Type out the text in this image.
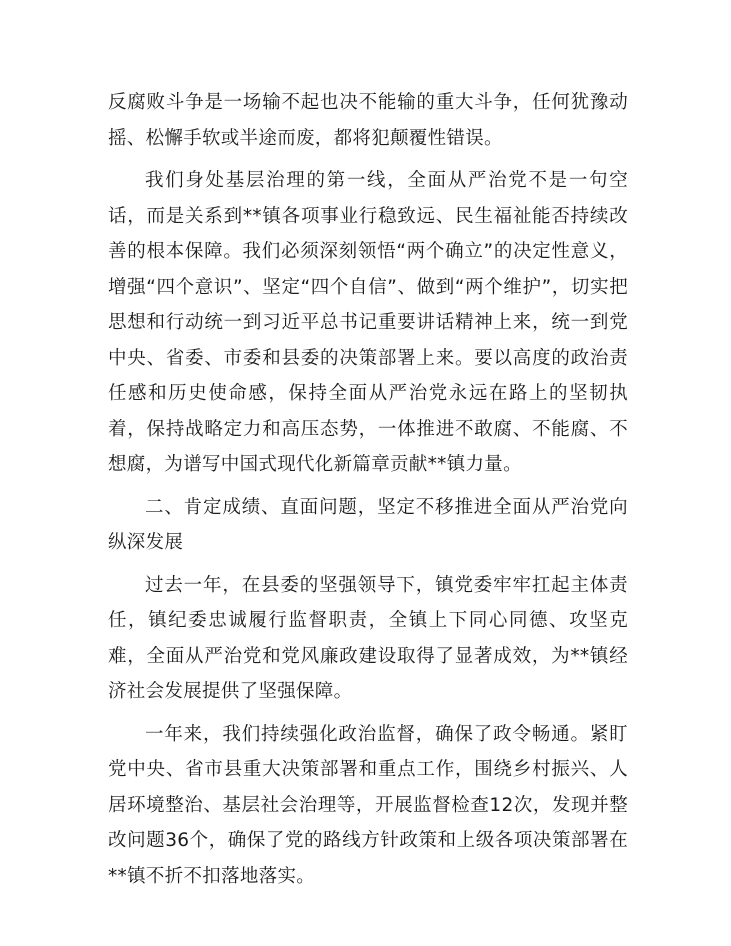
反腐败斗争是一场输不起也决不能输的重大斗争，任何犹豫动摇、松懈手软或半途而废，都将犯颠覆性错误。

我们身处基层治理的第一线，全面从严治党不是一句空话，而是关系到**镇各项事业行稳致远、民生福祉能否持续改善的根本保障。我们必须深刻领悟“两个确立”的决定性意义，增强“四个意识”、坚定“四个自信”、做到“两个维护”，切实把思想和行动统一到习近平总书记重要讲话精神上来，统一到党中央、省委、市委和县委的决策部署上来。要以高度的政治责任感和历史使命感，保持全面从严治党永远在路上的坚韧执着，保持战略定力和高压态势，一体推进不敢腐、不能腐、不想腐，为谱写中国式现代化新篇章贡献**镇力量。

二、肯定成绩、直面问题，坚定不移推进全面从严治党向纵深发展

过去一年，在县委的坚强领导下，镇党委牢牢扛起主体责任，镇纪委忠诚履行监督职责，全镇上下同心同德、攻坚克难，全面从严治党和党风廉政建设取得了显著成效，为**镇经济社会发展提供了坚强保障。

一年来，我们持续强化政治监督，确保了政令畅通。紧盯党中央、省市县重大决策部署和重点工作，围绕乡村振兴、人居环境整治、基层社会治理等，开展监督检查12次，发现并整改问题36个，确保了党的路线方针政策和上级各项决策部署在**镇不折不扣落地落实。
